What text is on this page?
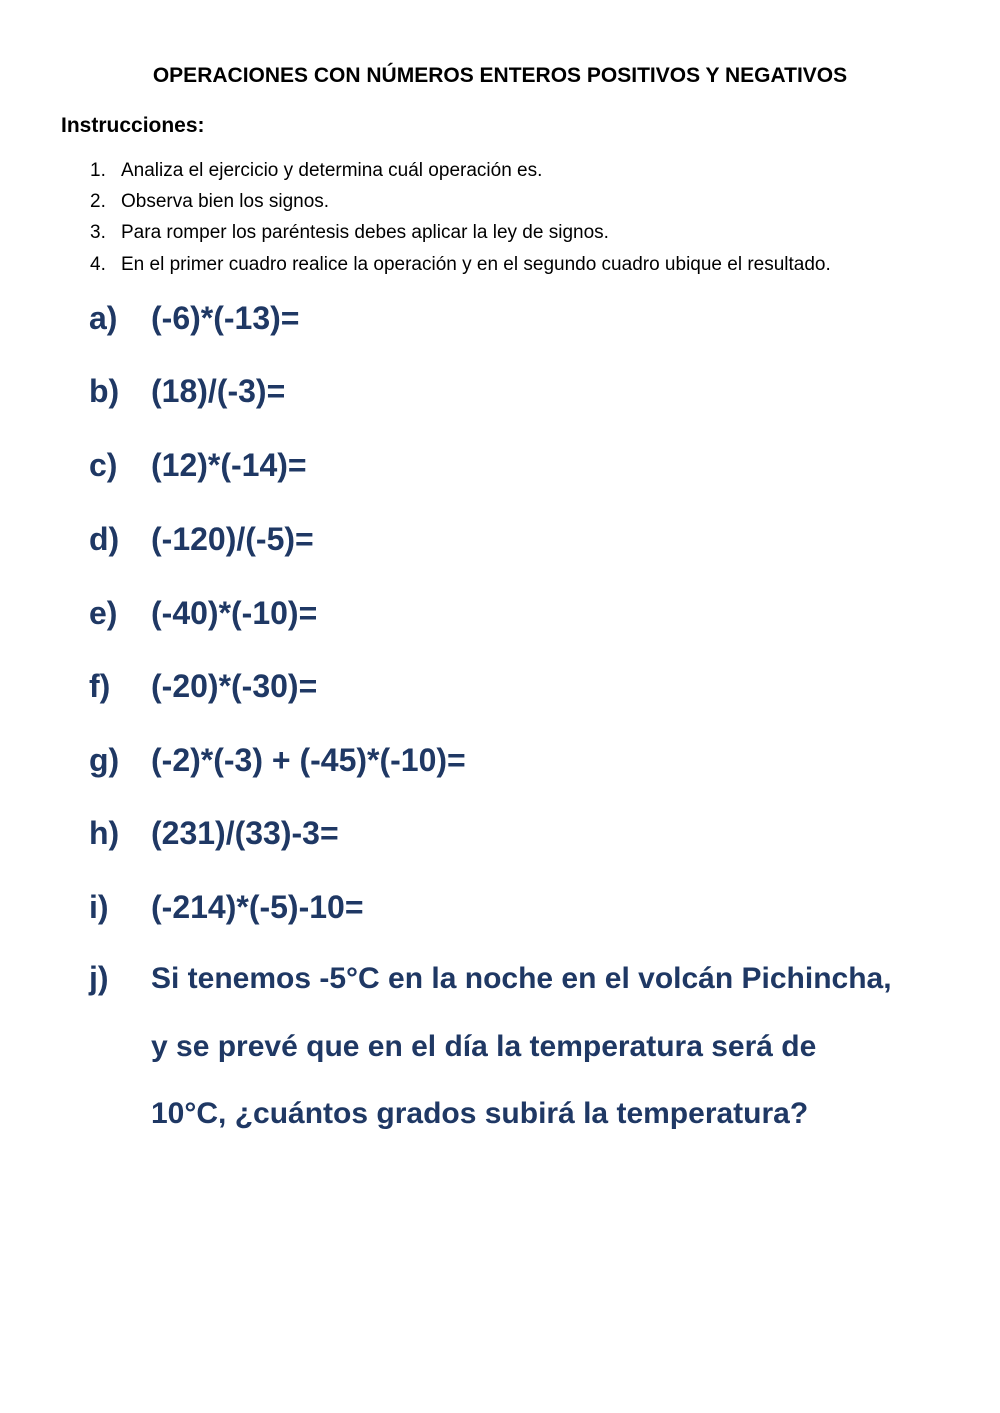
OPERACIONES CON NÚMEROS ENTEROS POSITIVOS Y NEGATIVOS
Instrucciones:
1. Analiza el ejercicio y determina cuál operación es.
2. Observa bien los signos.
3. Para romper los paréntesis debes aplicar la ley de signos.
4. En el primer cuadro realice la operación y en el segundo cuadro ubique el resultado.
a) (-6)*(-13)=
b) (18)/(-3)=
c) (12)*(-14)=
d) (-120)/(-5)=
e) (-40)*(-10)=
f) (-20)*(-30)=
g) (-2)*(-3) + (-45)*(-10)=
h) (231)/(33)-3=
i) (-214)*(-5)-10=
j) Si tenemos -5°C en la noche en el volcán Pichincha,
y se prevé que en el día la temperatura será de
10°C, ¿cuántos grados subirá la temperatura?
